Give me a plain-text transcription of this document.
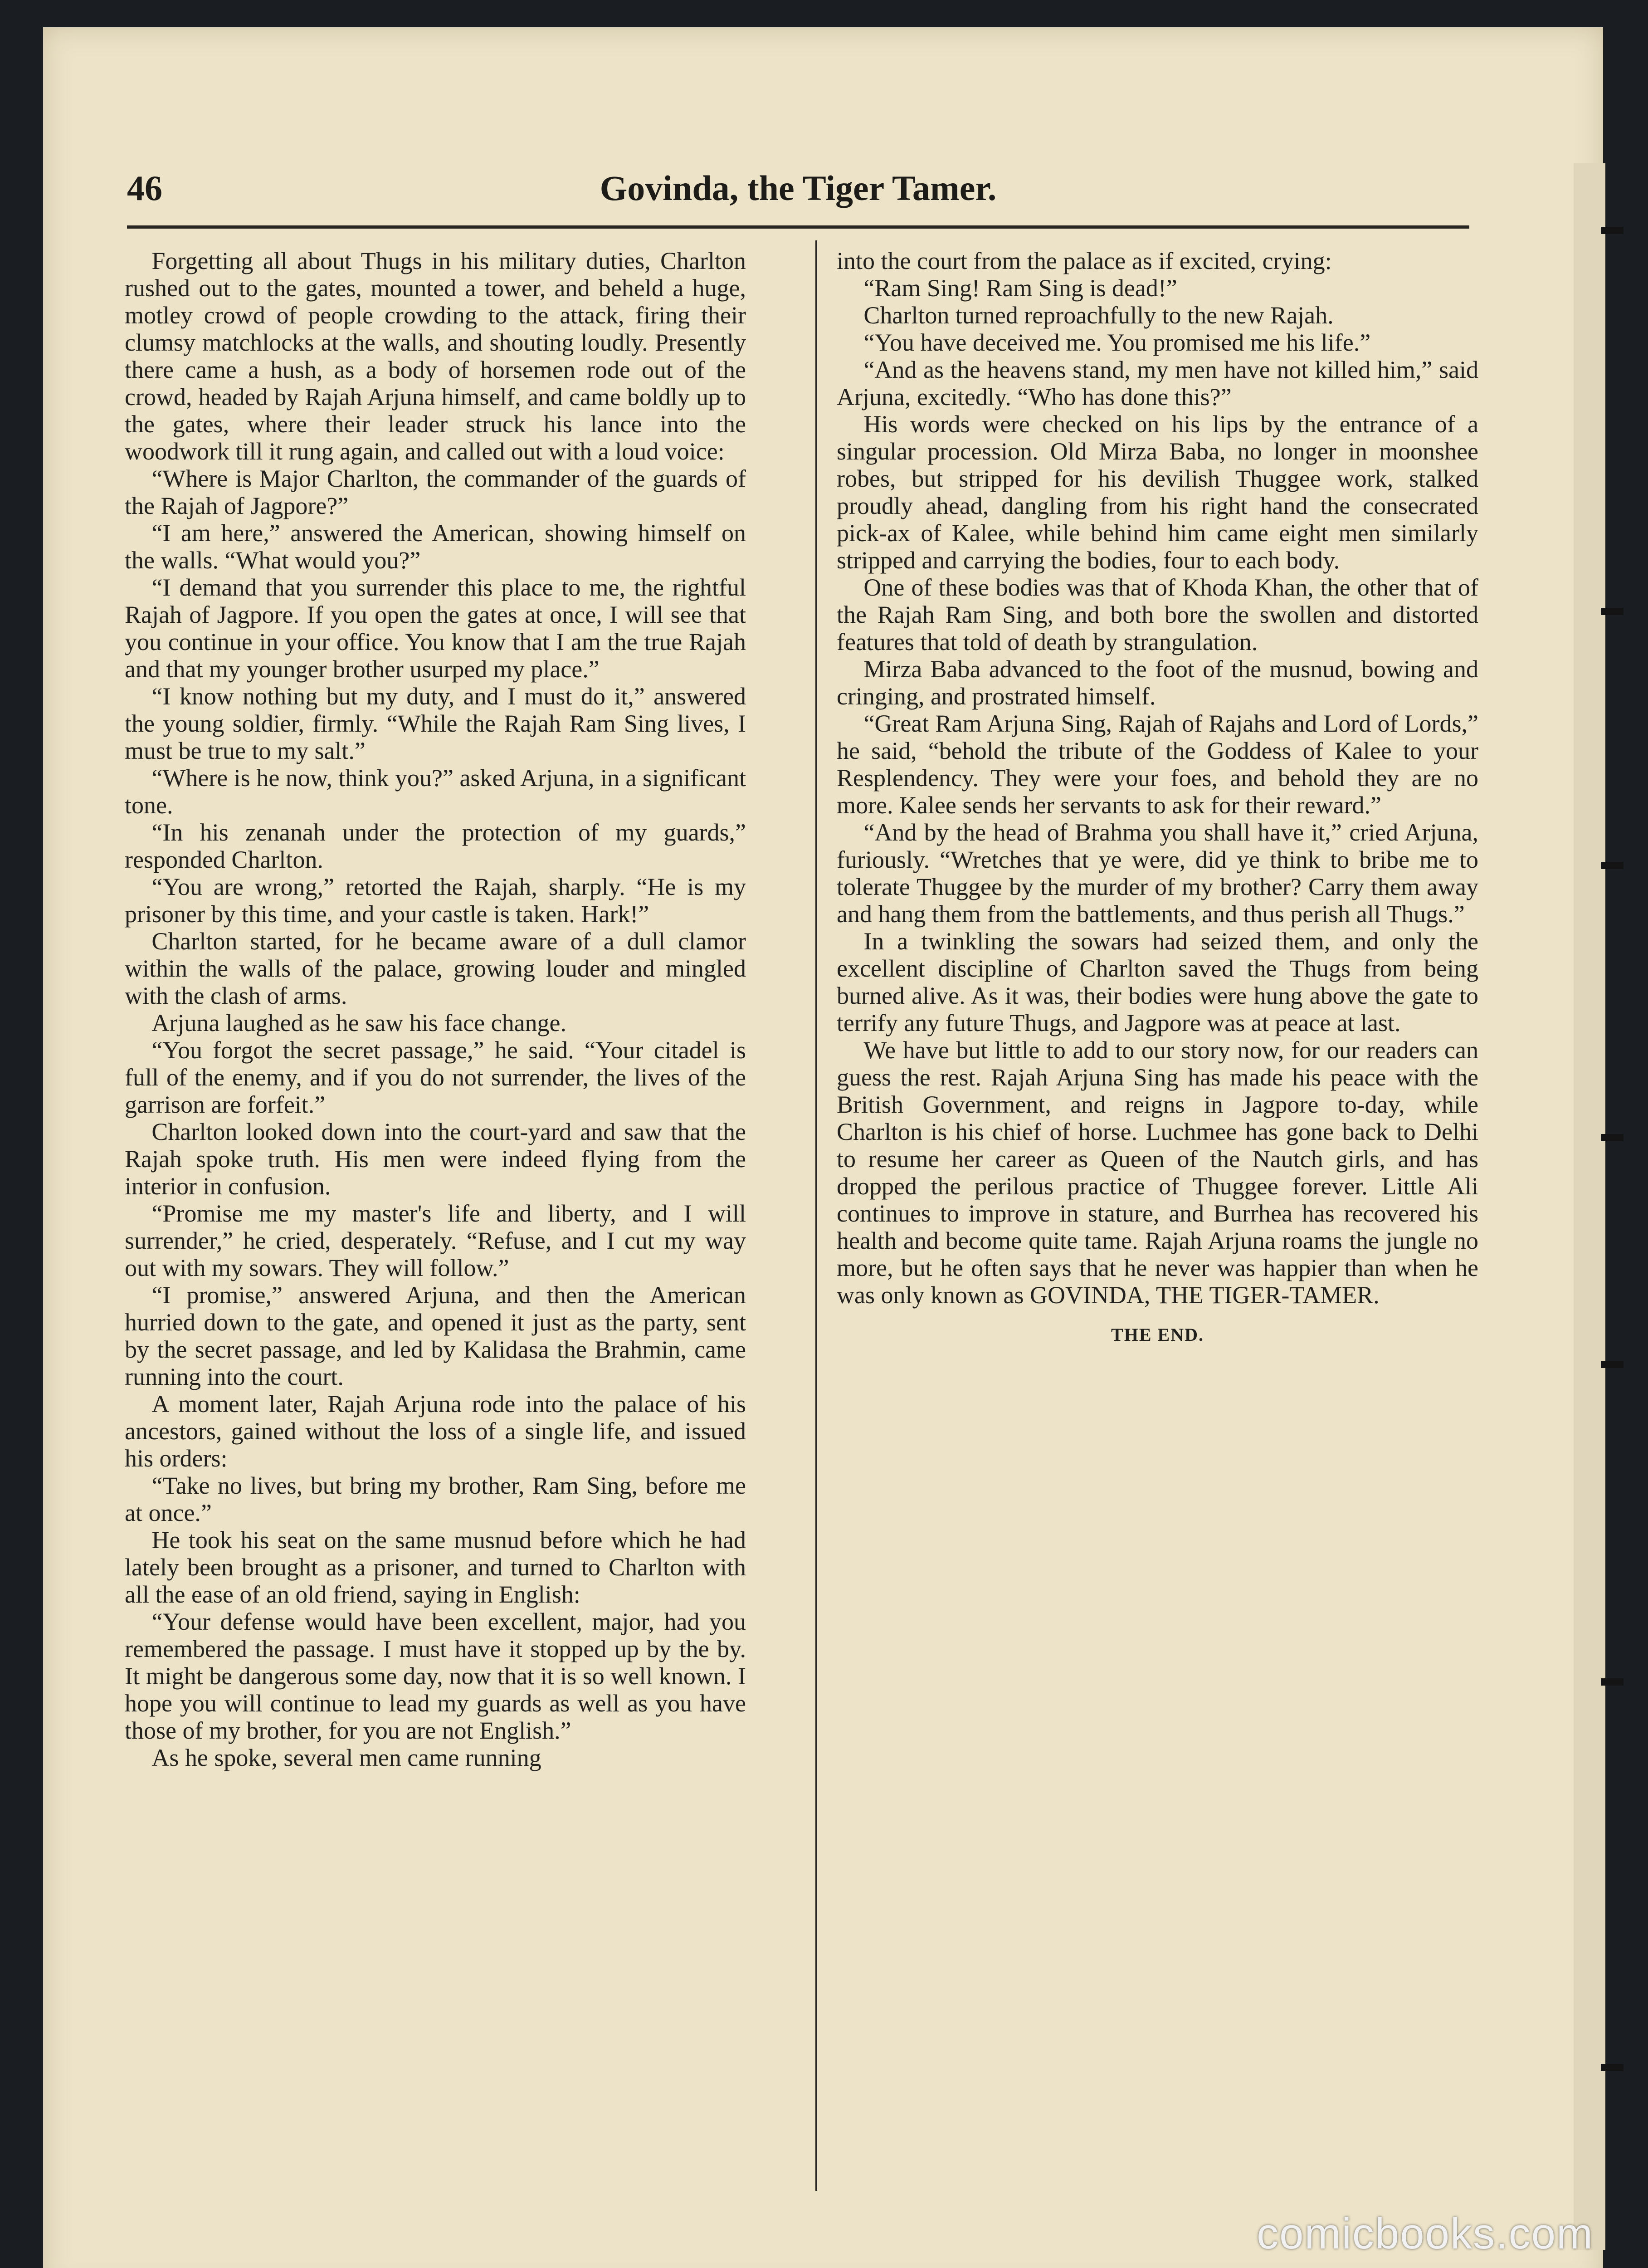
46	Govinda, the Tiger Tamer.

Forgetting all about Thugs in his military duties, Charlton rushed out to the gates, mounted a tower, and beheld a huge, motley crowd of people crowding to the attack, firing their clumsy matchlocks at the walls, and shouting loudly. Presently there came a hush, as a body of horsemen rode out of the crowd, headed by Rajah Arjuna himself, and came boldly up to the gates, where their leader struck his lance into the woodwork till it rung again, and called out with a loud voice:

“Where is Major Charlton, the commander of the guards of the Rajah of Jagpore?”

“I am here,” answered the American, showing himself on the walls. “What would you?”

“I demand that you surrender this place to me, the rightful Rajah of Jagpore. If you open the gates at once, I will see that you continue in your office. You know that I am the true Rajah and that my younger brother usurped my place.”

“I know nothing but my duty, and I must do it,” answered the young soldier, firmly. “While the Rajah Ram Sing lives, I must be true to my salt.”

“Where is he now, think you?” asked Arjuna, in a significant tone.

“In his zenanah under the protection of my guards,” responded Charlton.

“You are wrong,” retorted the Rajah, sharply. “He is my prisoner by this time, and your castle is taken. Hark!”

Charlton started, for he became aware of a dull clamor within the walls of the palace, growing louder and mingled with the clash of arms.

Arjuna laughed as he saw his face change.

“You forgot the secret passage,” he said. “Your citadel is full of the enemy, and if you do not surrender, the lives of the garrison are forfeit.”

Charlton looked down into the court-yard and saw that the Rajah spoke truth. His men were indeed flying from the interior in confusion.

“Promise me my master's life and liberty, and I will surrender,” he cried, desperately. “Refuse, and I cut my way out with my sowars. They will follow.”

“I promise,” answered Arjuna, and then the American hurried down to the gate, and opened it just as the party, sent by the secret passage, and led by Kalidasa the Brahmin, came running into the court.

A moment later, Rajah Arjuna rode into the palace of his ancestors, gained without the loss of a single life, and issued his orders:

“Take no lives, but bring my brother, Ram Sing, before me at once.”

He took his seat on the same musnud before which he had lately been brought as a prisoner, and turned to Charlton with all the ease of an old friend, saying in English:

“Your defense would have been excellent, major, had you remembered the passage. I must have it stopped up by the by. It might be dangerous some day, now that it is so well known. I hope you will continue to lead my guards as well as you have those of my brother, for you are not English.”

As he spoke, several men came running

into the court from the palace as if excited, crying:

“Ram Sing! Ram Sing is dead!”

Charlton turned reproachfully to the new Rajah.

“You have deceived me. You promised me his life.”

“And as the heavens stand, my men have not killed him,” said Arjuna, excitedly. “Who has done this?”

His words were checked on his lips by the entrance of a singular procession. Old Mirza Baba, no longer in moonshee robes, but stripped for his devilish Thuggee work, stalked proudly ahead, dangling from his right hand the consecrated pick-ax of Kalee, while behind him came eight men similarly stripped and carrying the bodies, four to each body.

One of these bodies was that of Khoda Khan, the other that of the Rajah Ram Sing, and both bore the swollen and distorted features that told of death by strangulation.

Mirza Baba advanced to the foot of the musnud, bowing and cringing, and prostrated himself.

“Great Ram Arjuna Sing, Rajah of Rajahs and Lord of Lords,” he said, “behold the tribute of the Goddess of Kalee to your Resplendency. They were your foes, and behold they are no more. Kalee sends her servants to ask for their reward.”

“And by the head of Brahma you shall have it,” cried Arjuna, furiously. “Wretches that ye were, did ye think to bribe me to tolerate Thuggee by the murder of my brother? Carry them away and hang them from the battlements, and thus perish all Thugs.”

In a twinkling the sowars had seized them, and only the excellent discipline of Charlton saved the Thugs from being burned alive. As it was, their bodies were hung above the gate to terrify any future Thugs, and Jagpore was at peace at last.

We have but little to add to our story now, for our readers can guess the rest. Rajah Arjuna Sing has made his peace with the British Government, and reigns in Jagpore to-day, while Charlton is his chief of horse. Luchmee has gone back to Delhi to resume her career as Queen of the Nautch girls, and has dropped the perilous practice of Thuggee forever. Little Ali continues to improve in stature, and Burrhea has recovered his health and become quite tame. Rajah Arjuna roams the jungle no more, but he often says that he never was happier than when he was only known as GOVINDA, THE TIGER-TAMER.

THE END.
comicbooks.com
